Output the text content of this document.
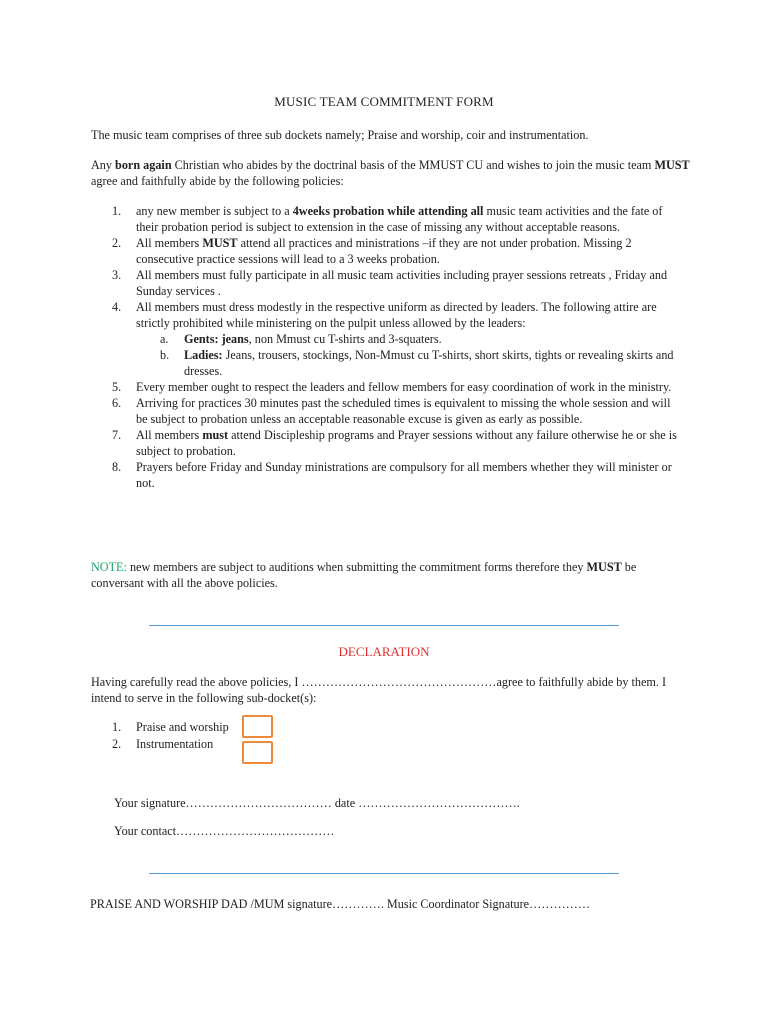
MUSIC TEAM COMMITMENT FORM
The music team comprises of three sub dockets namely; Praise and worship, coir and instrumentation.
Any born again Christian who abides by the doctrinal basis of the MMUST CU and wishes to join the music team MUST agree and faithfully abide by the following policies:
1. any new member is subject to a 4weeks probation while attending all music team activities and the fate of their probation period is subject to extension in the case of missing any without acceptable reasons.
2. All members MUST attend all practices and ministrations –if they are not under probation. Missing 2 consecutive practice sessions will lead to a 3 weeks probation.
3. All members must fully participate in all music team activities including prayer sessions retreats , Friday and Sunday services .
4. All members must dress modestly in the respective uniform as directed by leaders. The following attire are strictly prohibited while ministering on the pulpit unless allowed by the leaders:
a. Gents: jeans, non Mmust cu T-shirts and 3-squaters.
b. Ladies: Jeans, trousers, stockings, Non-Mmust cu T-shirts, short skirts, tights or revealing skirts and dresses.
5. Every member ought to respect the leaders and fellow members for easy coordination of work in the ministry.
6. Arriving for practices 30 minutes past the scheduled times is equivalent to missing the whole session and will be subject to probation unless an acceptable reasonable excuse is given as early as possible.
7. All members must attend Discipleship programs and Prayer sessions without any failure otherwise he or she is subject to probation.
8. Prayers before Friday and Sunday ministrations are compulsory for all members whether they will minister or not.
NOTE: new members are subject to auditions when submitting the commitment forms therefore they MUST be conversant with all the above policies.
DECLARATION
Having carefully read the above policies, I …………………………………………agree to faithfully abide by them. I intend to serve in the following sub-docket(s):
1. Praise and worship
2. Instrumentation
Your signature……………………………… date ………………………………….
Your contact…………………………………
PRAISE AND WORSHIP DAD /MUM signature…………. Music Coordinator Signature……………
